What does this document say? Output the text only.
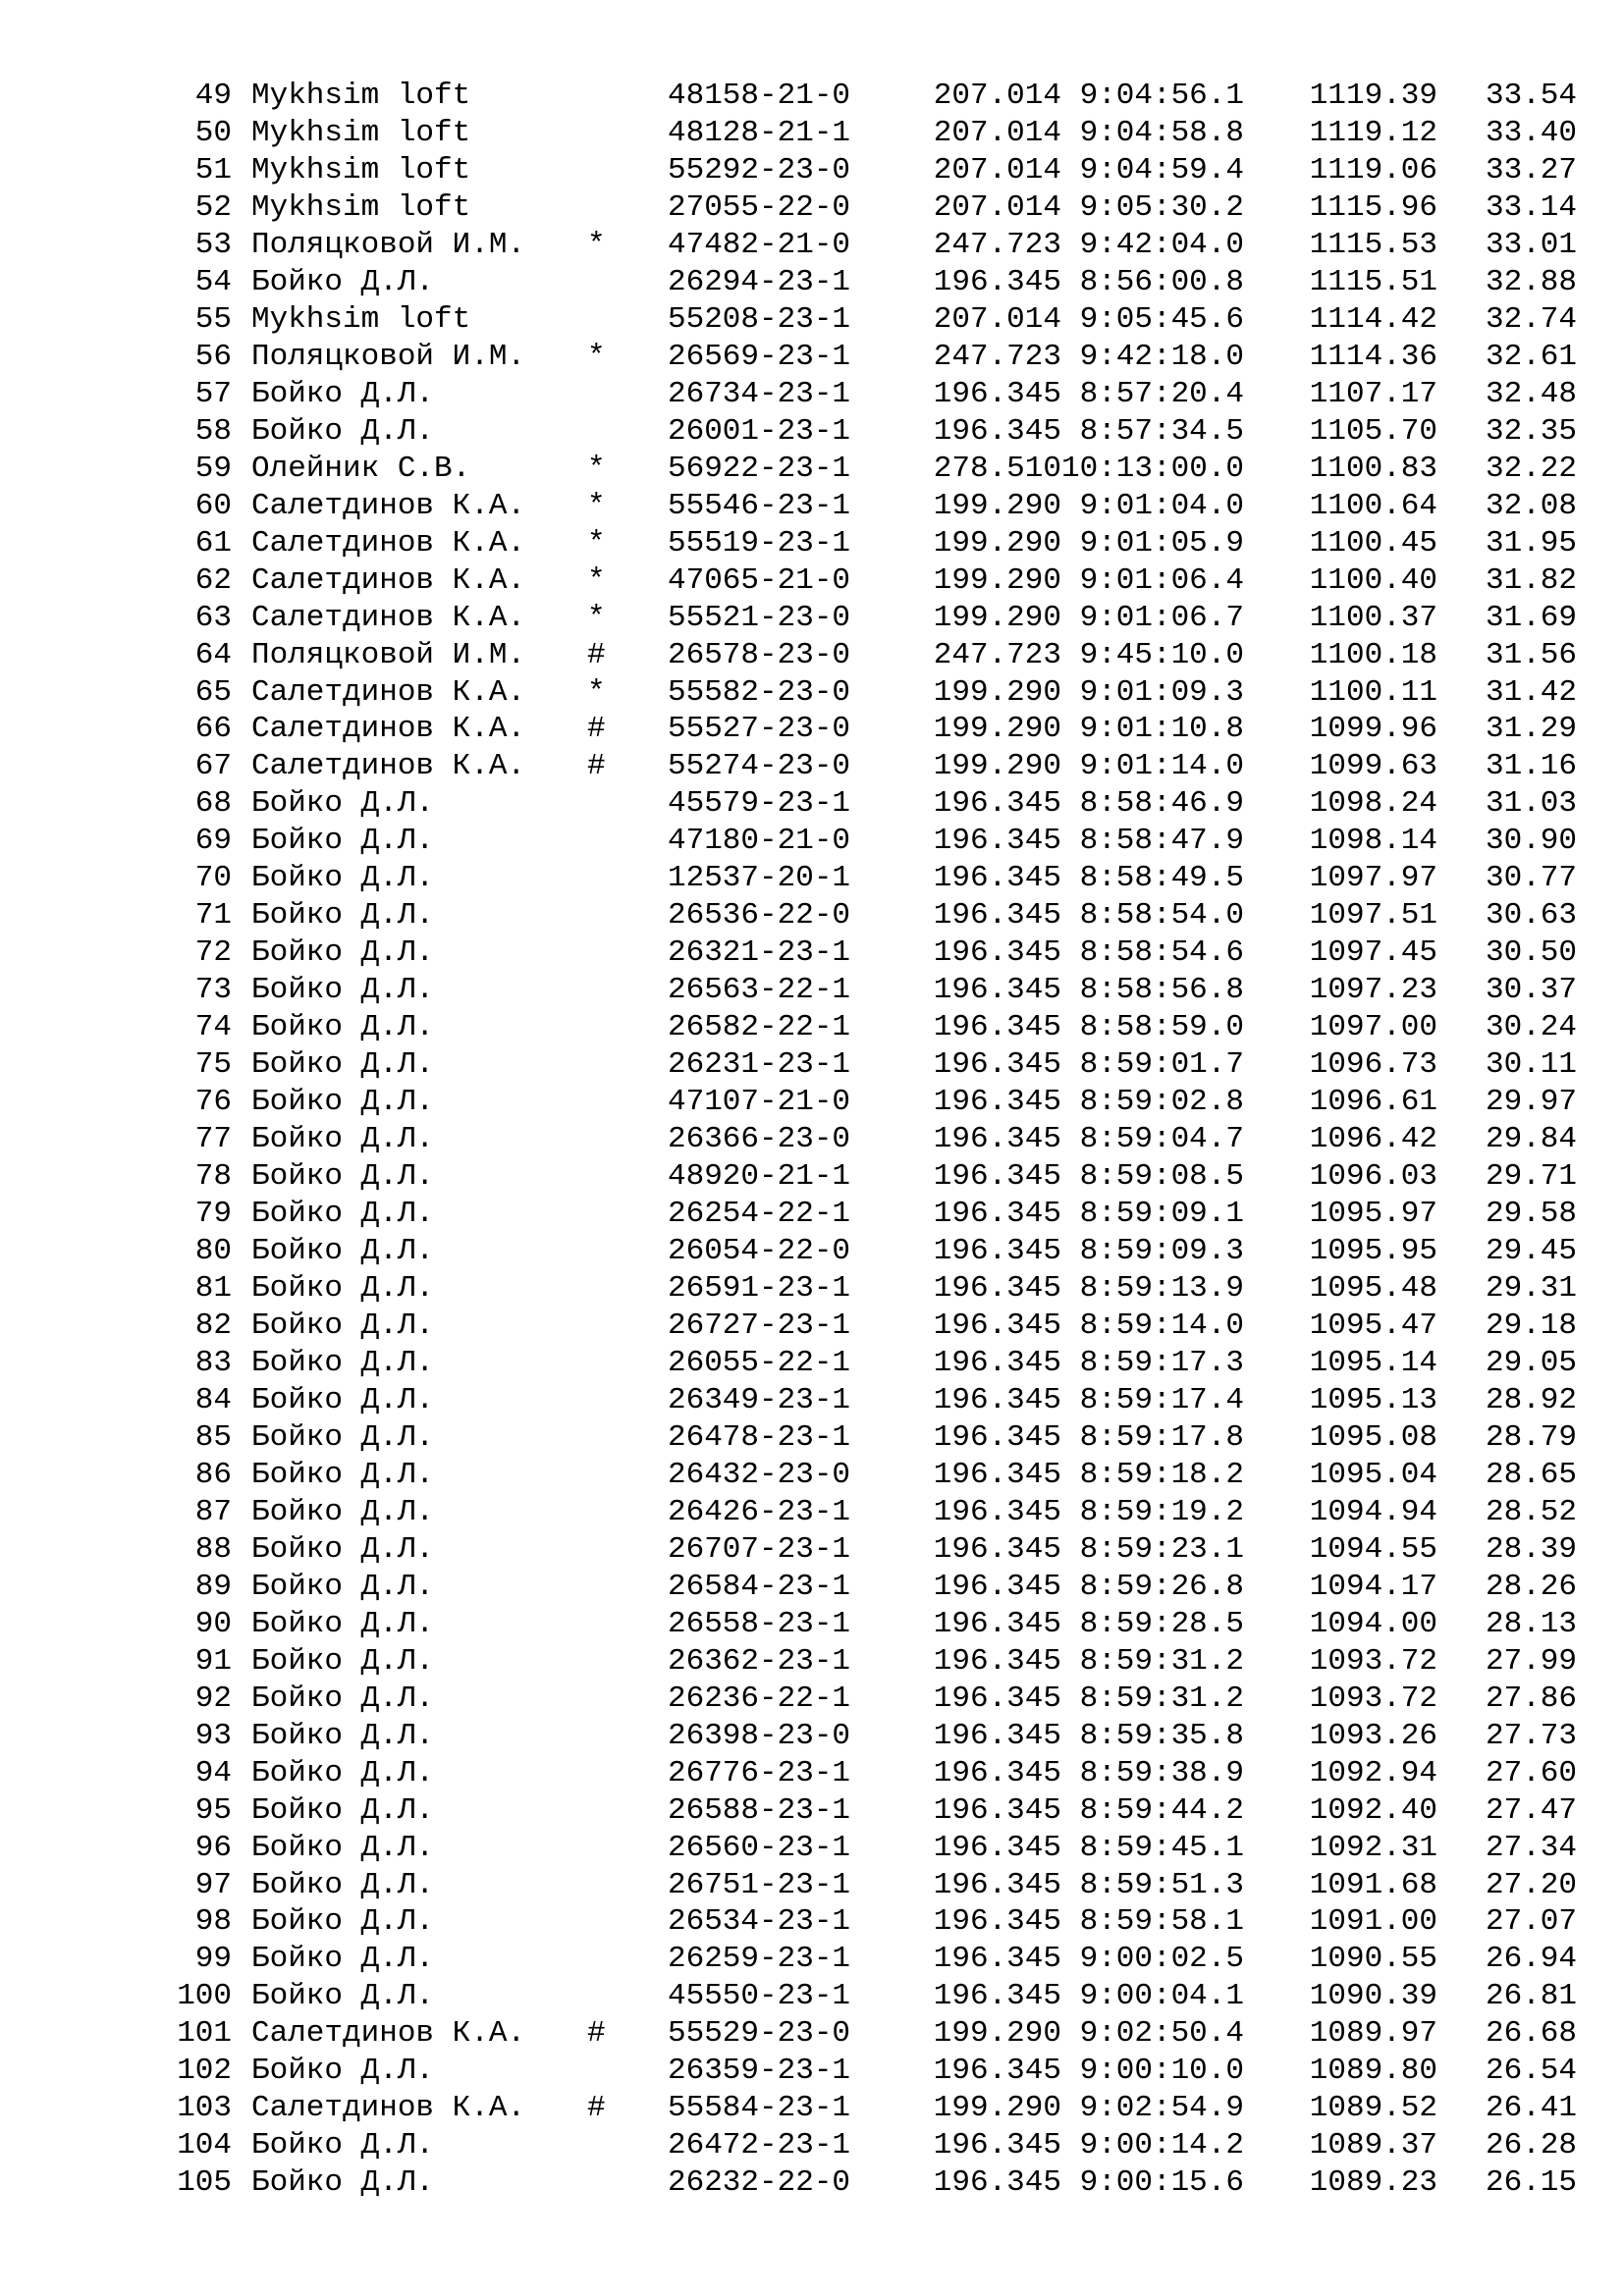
49 Mykhsim loft	48158-21-0	207.014 9:04:56.1 1119.39 33.54
50 Mykhsim loft	48128-21-1	207.014 9:04:58.8 1119.12 33.40
51 Mykhsim loft	55292-23-0	207.014 9:04:59.4 1119.06 33.27
52 Mykhsim loft	27055-22-0	207.014 9:05:30.2 1115.96 33.14
53 Поляцковой И.М. * 47482-21-0	247.723 9:42:04.0 1115.53 33.01
54 Бойко Д.Л.	26294-23-1	196.345 8:56:00.8 1115.51 32.88
55 Mykhsim loft	55208-23-1	207.014 9:05:45.6 1114.42 32.74
56 Поляцковой И.М. * 26569-23-1	247.723 9:42:18.0 1114.36 32.61
57 Бойко Д.Л.	26734-23-1	196.345 8:57:20.4 1107.17 32.48
58 Бойко Д.Л.	26001-23-1	196.345 8:57:34.5 1105.70 32.35
59 Олейник С.В.	* 56922-23-1	278.510 10:13:00.0 1100.83 32.22
60 Салетдинов К.А. * 55546-23-1	199.290 9:01:04.0 1100.64 32.08
61 Салетдинов К.А. * 55519-23-1	199.290 9:01:05.9 1100.45 31.95
62 Салетдинов К.А. * 47065-21-0	199.290 9:01:06.4 1100.40 31.82
63 Салетдинов К.А. * 55521-23-0	199.290 9:01:06.7 1100.37 31.69
64 Поляцковой И.М. # 26578-23-0	247.723 9:45:10.0 1100.18 31.56
65 Салетдинов К.А. * 55582-23-0	199.290 9:01:09.3 1100.11 31.42
66 Салетдинов К.А. # 55527-23-0	199.290 9:01:10.8 1099.96 31.29
67 Салетдинов К.А. # 55274-23-0	199.290 9:01:14.0 1099.63 31.16
68 Бойко Д.Л.	45579-23-1	196.345 8:58:46.9 1098.24 31.03
69 Бойко Д.Л.	47180-21-0	196.345 8:58:47.9 1098.14 30.90
70 Бойко Д.Л.	12537-20-1	196.345 8:58:49.5 1097.97 30.77
71 Бойко Д.Л.	26536-22-0	196.345 8:58:54.0 1097.51 30.63
72 Бойко Д.Л.	26321-23-1	196.345 8:58:54.6 1097.45 30.50
73 Бойко Д.Л.	26563-22-1	196.345 8:58:56.8 1097.23 30.37
74 Бойко Д.Л.	26582-22-1	196.345 8:58:59.0 1097.00 30.24
75 Бойко Д.Л.	26231-23-1	196.345 8:59:01.7 1096.73 30.11
76 Бойко Д.Л.	47107-21-0	196.345 8:59:02.8 1096.61 29.97
77 Бойко Д.Л.	26366-23-0	196.345 8:59:04.7 1096.42 29.84
78 Бойко Д.Л.	48920-21-1	196.345 8:59:08.5 1096.03 29.71
79 Бойко Д.Л.	26254-22-1	196.345 8:59:09.1 1095.97 29.58
80 Бойко Д.Л.	26054-22-0	196.345 8:59:09.3 1095.95 29.45
81 Бойко Д.Л.	26591-23-1	196.345 8:59:13.9 1095.48 29.31
82 Бойко Д.Л.	26727-23-1	196.345 8:59:14.0 1095.47 29.18
83 Бойко Д.Л.	26055-22-1	196.345 8:59:17.3 1095.14 29.05
84 Бойко Д.Л.	26349-23-1	196.345 8:59:17.4 1095.13 28.92
85 Бойко Д.Л.	26478-23-1	196.345 8:59:17.8 1095.08 28.79
86 Бойко Д.Л.	26432-23-0	196.345 8:59:18.2 1095.04 28.65
87 Бойко Д.Л.	26426-23-1	196.345 8:59:19.2 1094.94 28.52
88 Бойко Д.Л.	26707-23-1	196.345 8:59:23.1 1094.55 28.39
89 Бойко Д.Л.	26584-23-1	196.345 8:59:26.8 1094.17 28.26
90 Бойко Д.Л.	26558-23-1	196.345 8:59:28.5 1094.00 28.13
91 Бойко Д.Л.	26362-23-1	196.345 8:59:31.2 1093.72 27.99
92 Бойко Д.Л.	26236-22-1	196.345 8:59:31.2 1093.72 27.86
93 Бойко Д.Л.	26398-23-0	196.345 8:59:35.8 1093.26 27.73
94 Бойко Д.Л.	26776-23-1	196.345 8:59:38.9 1092.94 27.60
95 Бойко Д.Л.	26588-23-1	196.345 8:59:44.2 1092.40 27.47
96 Бойко Д.Л.	26560-23-1	196.345 8:59:45.1 1092.31 27.34
97 Бойко Д.Л.	26751-23-1	196.345 8:59:51.3 1091.68 27.20
98 Бойко Д.Л.	26534-23-1	196.345 8:59:58.1 1091.00 27.07
99 Бойко Д.Л.	26259-23-1	196.345 9:00:02.5 1090.55 26.94
100 Бойко Д.Л.	45550-23-1	196.345 9:00:04.1 1090.39 26.81
101 Салетдинов К.А. # 55529-23-0	199.290 9:02:50.4 1089.97 26.68
102 Бойко Д.Л.	26359-23-1	196.345 9:00:10.0 1089.80 26.54
103 Салетдинов К.А. # 55584-23-1	199.290 9:02:54.9 1089.52 26.41
104 Бойко Д.Л.	26472-23-1	196.345 9:00:14.2 1089.37 26.28
105 Бойко Д.Л.	26232-22-0	196.345 9:00:15.6 1089.23 26.15
